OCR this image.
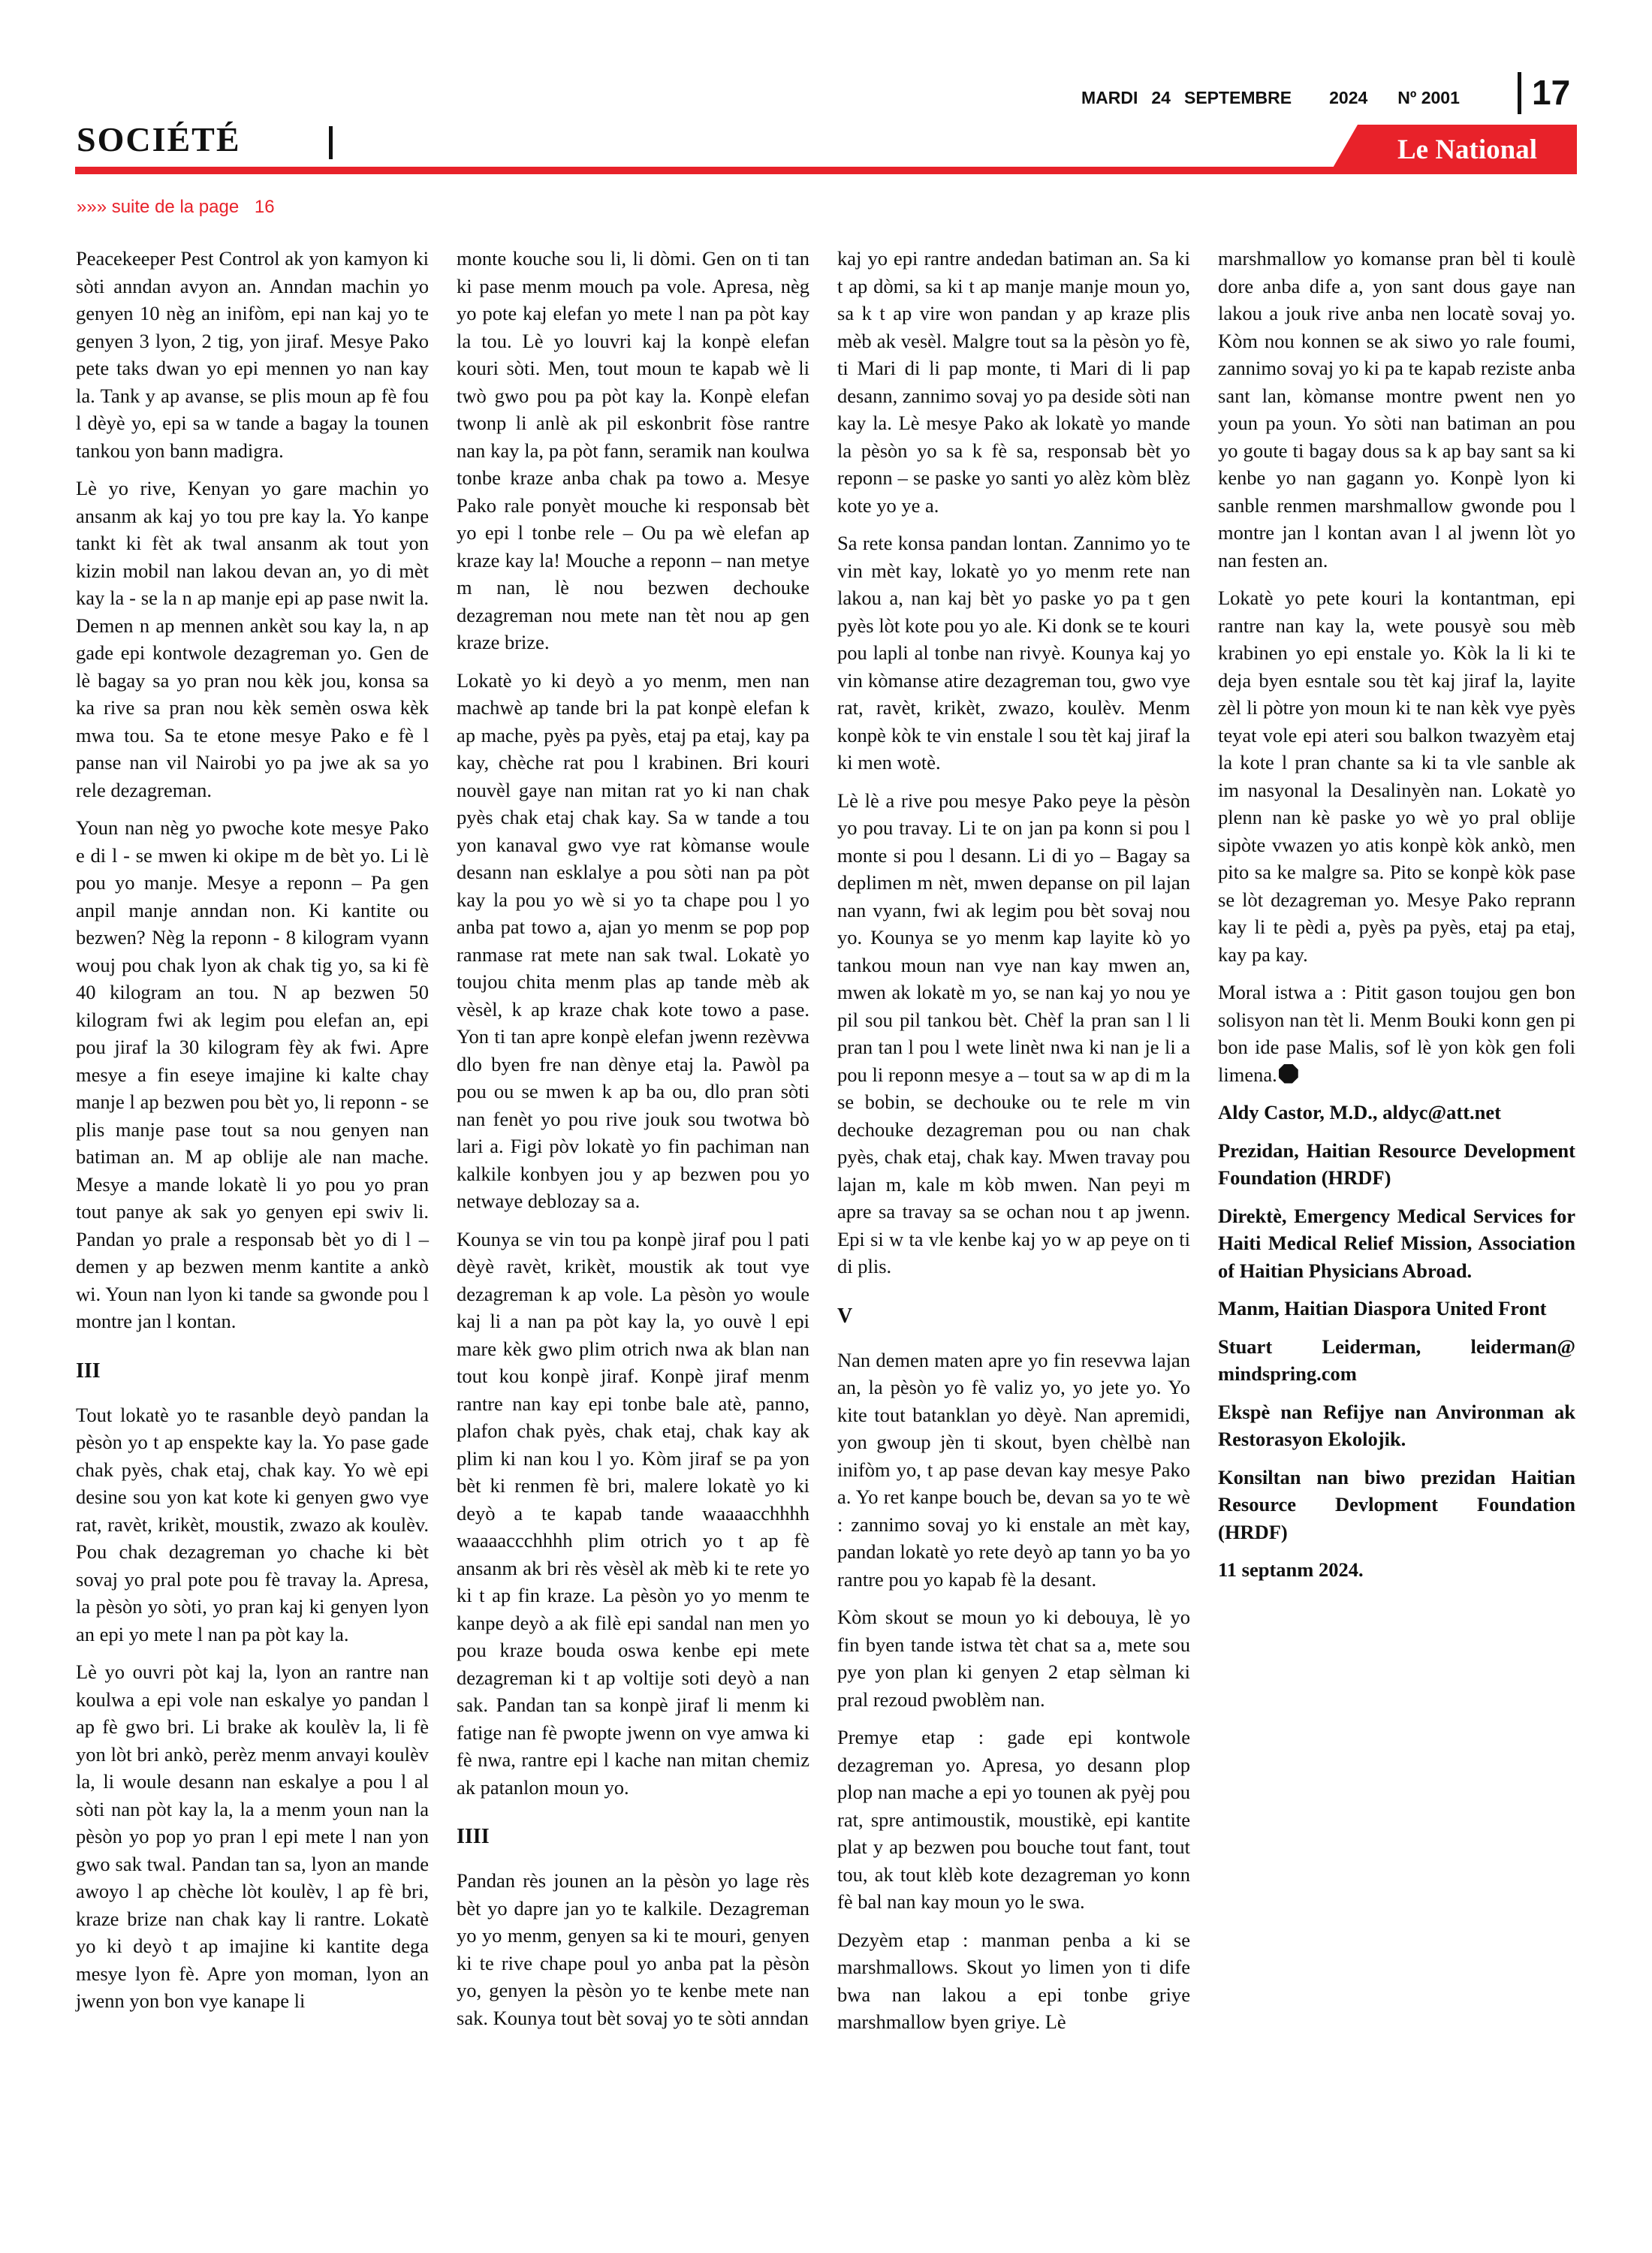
MARDI 24 SEPTEMBRE 2024 Nº 2001 17
SOCIÉTÉ	Le National
»»» suite de la page 16

Peacekeeper Pest Control ak yon kamyon ki sòti anndan avyon an. Anndan machin yo genyen 10 nèg an inifòm, epi nan kaj yo te genyen 3 lyon, 2 tig, yon jiraf. Mesye Pako pete taks dwan yo epi mennen yo nan kay la. Tank y ap avanse, se plis moun ap fè fou l dèyè yo, epi sa w tande a bagay la tounen tankou yon bann madigra.

Lè yo rive, Kenyan yo gare machin yo ansanm ak kaj yo tou pre kay la. Yo kanpe tankt ki fèt ak twal ansanm ak tout yon kizin mobil nan lakou devan an, yo di mèt kay la - se la n ap manje epi ap pase nwit la. Demen n ap mennen ankèt sou kay la, n ap gade epi kontwole dezagreman yo. Gen de lè bagay sa yo pran nou kèk jou, konsa sa ka rive sa pran nou kèk semèn oswa kèk mwa tou. Sa te etone mesye Pako e fè l panse nan vil Nairobi yo pa jwe ak sa yo rele dezagreman.

Youn nan nèg yo pwoche kote mesye Pako e di l - se mwen ki okipe m de bèt yo. Li lè pou yo manje. Mesye a reponn – Pa gen anpil manje anndan non. Ki kantite ou bezwen? Nèg la reponn - 8 kilogram vyann wouj pou chak lyon ak chak tig yo, sa ki fè 40 kilogram an tou. N ap bezwen 50 kilogram fwi ak legim pou elefan an, epi pou jiraf la 30 kilogram fèy ak fwi. Apre mesye a fin eseye imajine ki kalte chay manje l ap bezwen pou bèt yo, li reponn - se plis manje pase tout sa nou genyen nan batiman an. M ap oblije ale nan mache. Mesye a mande lokatè li yo pou yo pran tout panye ak sak yo genyen epi swiv li. Pandan yo prale a responsab bèt yo di l – demen y ap bezwen menm kantite a ankò wi. Youn nan lyon ki tande sa gwonde pou l montre jan l kontan.

III

Tout lokatè yo te rasanble deyò pandan la pèsòn yo t ap enspekte kay la. Yo pase gade chak pyès, chak etaj, chak kay. Yo wè epi desine sou yon kat kote ki genyen gwo vye rat, ravèt, krikèt, moustik, zwazo ak koulèv. Pou chak dezagreman yo chache ki bèt sovaj yo pral pote pou fè travay la. Apresa, la pèsòn yo sòti, yo pran kaj ki genyen lyon an epi yo mete l nan pa pòt kay la.

Lè yo ouvri pòt kaj la, lyon an rantre nan koulwa a epi vole nan eskalye yo pandan l ap fè gwo bri. Li brake ak koulèv la, li fè yon lòt bri ankò, perèz menm anvayi koulèv la, li woule desann nan eskalye a pou l al sòti nan pòt kay la, la a menm youn nan la pèsòn yo pop yo pran l epi mete l nan yon gwo sak twal. Pandan tan sa, lyon an mande awoyo l ap chèche lòt koulèv, l ap fè bri, kraze brize nan chak kay li rantre. Lokatè yo ki deyò t ap imajine ki kantite dega mesye lyon fè. Apre yon moman, lyon an jwenn yon bon vye kanape li

monte kouche sou li, li dòmi. Gen on ti tan ki pase menm mouch pa vole. Apresa, nèg yo pote kaj elefan yo mete l nan pa pòt kay la tou. Lè yo louvri kaj la konpè elefan kouri sòti. Men, tout moun te kapab wè li twò gwo pou pa pòt kay la. Konpè elefan twonp li anlè ak pil eskonbrit fòse rantre nan kay la, pa pòt fann, seramik nan koulwa tonbe kraze anba chak pa towo a. Mesye Pako rale ponyèt mouche ki responsab bèt yo epi l tonbe rele – Ou pa wè elefan ap kraze kay la! Mouche a reponn – nan metye m nan, lè nou bezwen dechouke dezagreman nou mete nan tèt nou ap gen kraze brize.

Lokatè yo ki deyò a yo menm, men nan machwè ap tande bri la pat konpè elefan k ap mache, pyès pa pyès, etaj pa etaj, kay pa kay, chèche rat pou l krabinen. Bri kouri nouvèl gaye nan mitan rat yo ki nan chak pyès chak etaj chak kay. Sa w tande a tou yon kanaval gwo vye rat kòmanse woule desann nan esklalye a pou sòti nan pa pòt kay la pou yo wè si yo ta chape pou l yo anba pat towo a, ajan yo menm se pop pop ranmase rat mete nan sak twal. Lokatè yo toujou chita menm plas ap tande mèb ak vèsèl, k ap kraze chak kote towo a pase. Yon ti tan apre konpè elefan jwenn rezèvwa dlo byen fre nan dènye etaj la. Pawòl pa pou ou se mwen k ap ba ou, dlo pran sòti nan fenèt yo pou rive jouk sou twotwa bò lari a. Figi pòv lokatè yo fin pachiman nan kalkile konbyen jou y ap bezwen pou yo netwaye deblozay sa a.

Kounya se vin tou pa konpè jiraf pou l pati dèyè ravèt, krikèt, moustik ak tout vye dezagreman k ap vole. La pèsòn yo woule kaj li a nan pa pòt kay la, yo ouvè l epi mare kèk gwo plim otrich nwa ak blan nan tout kou konpè jiraf. Konpè jiraf menm rantre nan kay epi tonbe bale atè, panno, plafon chak pyès, chak etaj, chak kay ak plim ki nan kou l yo. Kòm jiraf se pa yon bèt ki renmen fè bri, malere lokatè yo ki deyò a te kapab tande waaaacchhhh waaaaccchhhh plim otrich yo t ap fè ansanm ak bri rès vèsèl ak mèb ki te rete yo ki t ap fin kraze. La pèsòn yo yo menm te kanpe deyò a ak filè epi sandal nan men yo pou kraze bouda oswa kenbe epi mete dezagreman ki t ap voltije soti deyò a nan sak. Pandan tan sa konpè jiraf li menm ki fatige nan fè pwopte jwenn on vye amwa ki fè nwa, rantre epi l kache nan mitan chemiz ak patanlon moun yo.

IIII

Pandan rès jounen an la pèsòn yo lage rès bèt yo dapre jan yo te kalkile. Dezagreman yo yo menm, genyen sa ki te mouri, genyen ki te rive chape poul yo anba pat la pèsòn yo, genyen la pèsòn yo te kenbe mete nan sak. Kounya tout bèt sovaj yo te sòti anndan

kaj yo epi rantre andedan batiman an. Sa ki t ap dòmi, sa ki t ap manje manje moun yo, sa k t ap vire won pandan y ap kraze plis mèb ak vesèl. Malgre tout sa la pèsòn yo fè, ti Mari di li pap monte, ti Mari di li pap desann, zannimo sovaj yo pa deside sòti nan kay la. Lè mesye Pako ak lokatè yo mande la pèsòn yo sa k fè sa, responsab bèt yo reponn – se paske yo santi yo alèz kòm blèz kote yo ye a.

Sa rete konsa pandan lontan. Zannimo yo te vin mèt kay, lokatè yo yo menm rete nan lakou a, nan kaj bèt yo paske yo pa t gen pyès lòt kote pou yo ale. Ki donk se te kouri pou lapli al tonbe nan rivyè. Kounya kaj yo vin kòmanse atire dezagreman tou, gwo vye rat, ravèt, krikèt, zwazo, koulèv. Menm konpè kòk te vin enstale l sou tèt kaj jiraf la ki men wotè.

Lè lè a rive pou mesye Pako peye la pèsòn yo pou travay. Li te on jan pa konn si pou l monte si pou l desann. Li di yo – Bagay sa deplimen m nèt, mwen depanse on pil lajan nan vyann, fwi ak legim pou bèt sovaj nou yo. Kounya se yo menm kap layite kò yo tankou moun nan vye nan kay mwen an, mwen ak lokatè m yo, se nan kaj yo nou ye pil sou pil tankou bèt. Chèf la pran san l li pran tan l pou l wete linèt nwa ki nan je li a pou li reponn mesye a – tout sa w ap di m la se bobin, se dechouke ou te rele m vin dechouke dezagreman pou ou nan chak pyès, chak etaj, chak kay. Mwen travay pou lajan m, kale m kòb mwen. Nan peyi m apre sa travay sa se ochan nou t ap jwenn. Epi si w ta vle kenbe kaj yo w ap peye on ti di plis.

V

Nan demen maten apre yo fin resevwa lajan an, la pèsòn yo fè valiz yo, yo jete yo. Yo kite tout batanklan yo dèyè. Nan apremidi, yon gwoup jèn ti skout, byen chèlbè nan inifòm yo, t ap pase devan kay mesye Pako a. Yo ret kanpe bouch be, devan sa yo te wè : zannimo sovaj yo ki enstale an mèt kay, pandan lokatè yo rete deyò ap tann yo ba yo rantre pou yo kapab fè la desant.

Kòm skout se moun yo ki debouya, lè yo fin byen tande istwa tèt chat sa a, mete sou pye yon plan ki genyen 2 etap sèlman ki pral rezoud pwoblèm nan.

Premye etap : gade epi kontwole dezagreman yo. Apresa, yo desann plop plop nan mache a epi yo tounen ak pyèj pou rat, spre antimoustik, moustikè, epi kantite plat y ap bezwen pou bouche tout fant, tout tou, ak tout klèb kote dezagreman yo konn fè bal nan kay moun yo le swa.

Dezyèm etap : manman penba a ki se marshmallows. Skout yo limen yon ti dife bwa nan lakou a epi tonbe griye marshmallow byen griye. Lè

marshmallow yo komanse pran bèl ti koulè dore anba dife a, yon sant dous gaye nan lakou a jouk rive anba nen locatè sovaj yo. Kòm nou konnen se ak siwo yo rale foumi, zannimo sovaj yo ki pa te kapab reziste anba sant lan, kòmanse montre pwent nen yo youn pa youn. Yo sòti nan batiman an pou yo goute ti bagay dous sa k ap bay sant sa ki kenbe yo nan gagann yo. Konpè lyon ki sanble renmen marshmallow gwonde pou l montre jan l kontan avan l al jwenn lòt yo nan festen an.

Lokatè yo pete kouri la kontantman, epi rantre nan kay la, wete pousyè sou mèb krabinen yo epi enstale yo. Kòk la li ki te deja byen esntale sou tèt kaj jiraf la, layite zèl li pòtre yon moun ki te nan kèk vye pyès teyat vole epi ateri sou balkon twazyèm etaj la kote l pran chante sa ki ta vle sanble ak im nasyonal la Desalinyèn nan. Lokatè yo plenn nan kè paske yo wè yo pral oblije sipòte vwazen yo atis konpè kòk ankò, men pito sa ke malgre sa. Pito se konpè kòk pase se lòt dezagreman yo. Mesye Pako reprann kay li te pèdi a, pyès pa pyès, etaj pa etaj, kay pa kay.

Moral istwa a : Pitit gason toujou gen bon solisyon nan tèt li. Menm Bouki konn gen pi bon ide pase Malis, sof lè yon kòk gen foli limena.

Aldy Castor, M.D., aldyc@att.net

Prezidan, Haitian Resource Development Foundation (HRDF)

Direktè, Emergency Medical Services for Haiti Medical Relief Mission, Association of Haitian Physicians Abroad.

Manm, Haitian Diaspora United Front

Stuart Leiderman, leiderman@ mindspring.com

Ekspè nan Refijye nan Anvironman ak Restorasyon Ekolojik.

Konsiltan nan biwo prezidan Haitian Resource Devlopment Foundation (HRDF)

11 septanm 2024.
